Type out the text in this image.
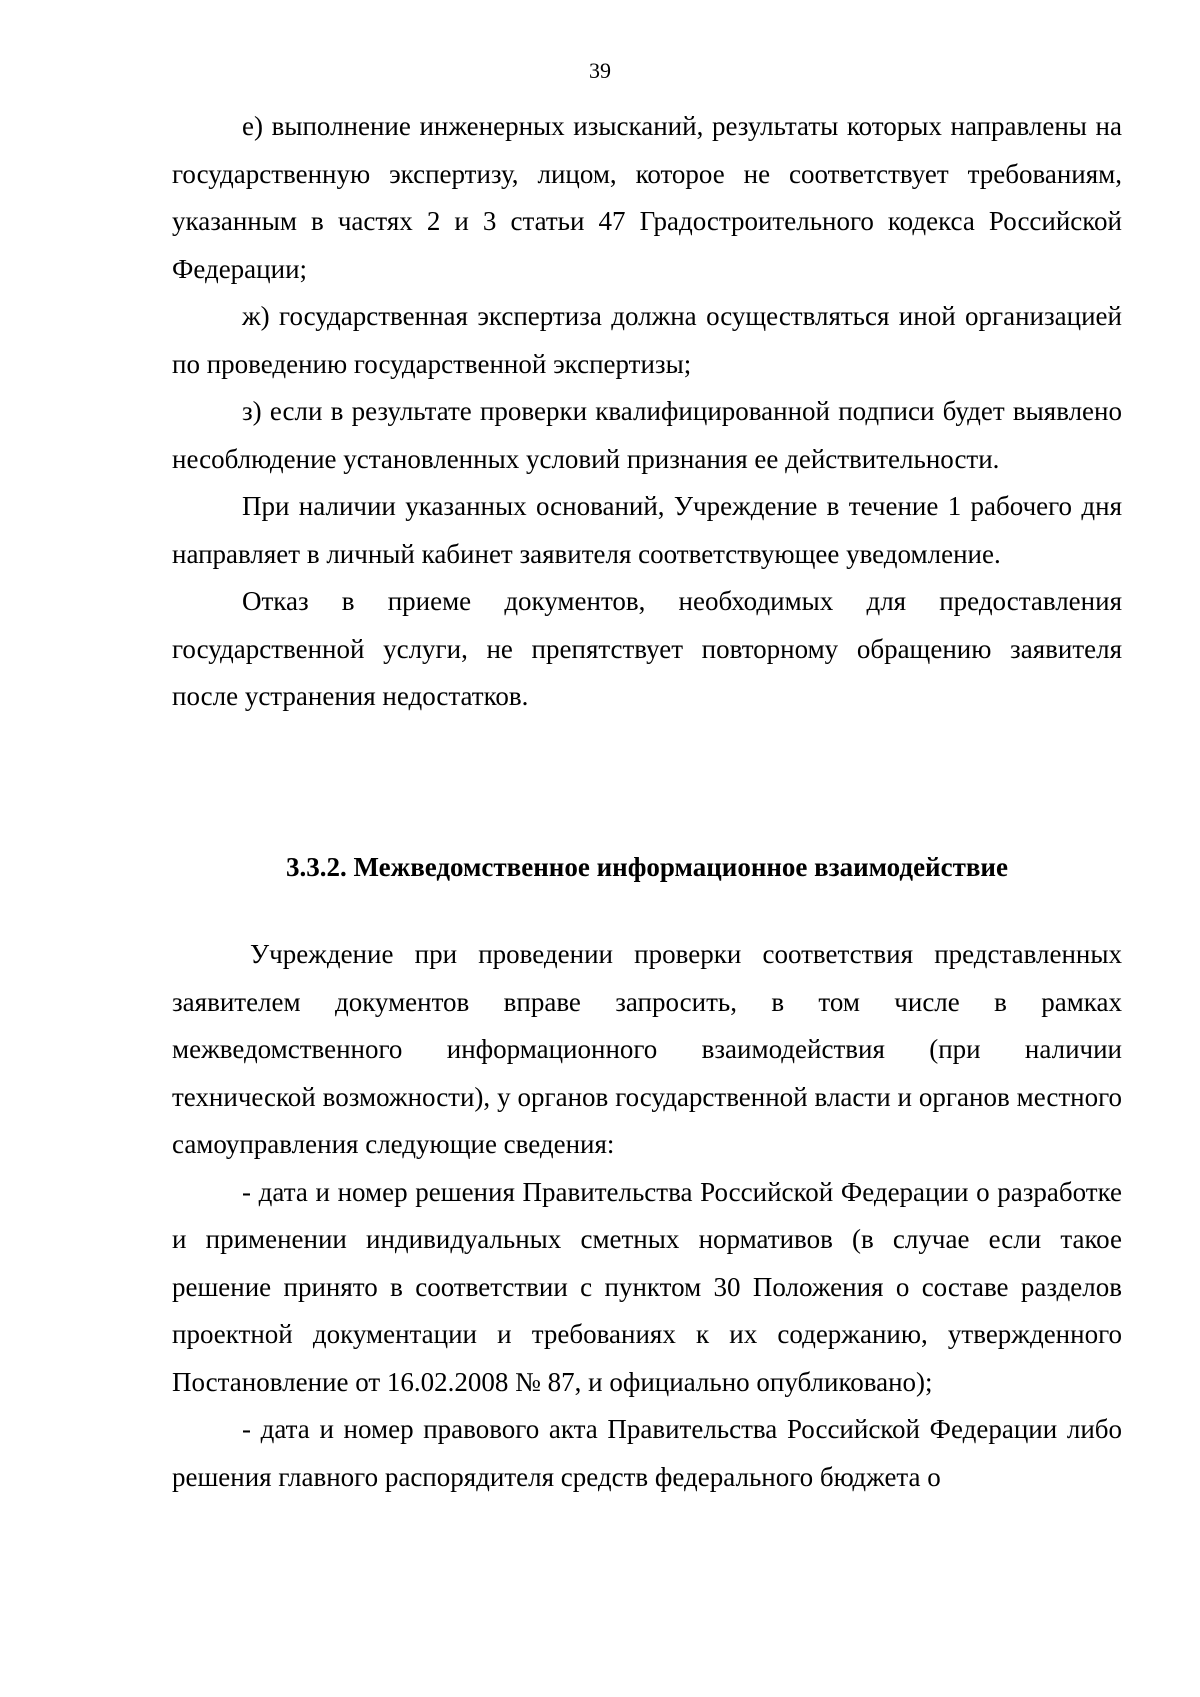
39

е) выполнение инженерных изысканий, результаты которых направлены на государственную экспертизу, лицом, которое не соответствует требованиям, указанным в частях 2 и 3 статьи 47 Градостроительного кодекса Российской Федерации;

ж) государственная экспертиза должна осуществляться иной организацией по проведению государственной экспертизы;

з) если в результате проверки квалифицированной подписи будет выявлено несоблюдение установленных условий признания ее действительности.

При наличии указанных оснований, Учреждение в течение 1 рабочего дня направляет в личный кабинет заявителя соответствующее уведомление.

Отказ в приеме документов, необходимых для предоставления государственной услуги, не препятствует повторному обращению заявителя после устранения недостатков.

3.3.2. Межведомственное информационное взаимодействие

Учреждение при проведении проверки соответствия представленных заявителем документов вправе запросить, в том числе в рамках межведомственного информационного взаимодействия (при наличии технической возможности), у органов государственной власти и органов местного самоуправления следующие сведения:

- дата и номер решения Правительства Российской Федерации о разработке и применении индивидуальных сметных нормативов (в случае если такое решение принято в соответствии с пунктом 30 Положения о составе разделов проектной документации и требованиях к их содержанию, утвержденного Постановление от 16.02.2008 № 87, и официально опубликовано);

- дата и номер правового акта Правительства Российской Федерации либо решения главного распорядителя средств федерального бюджета о
